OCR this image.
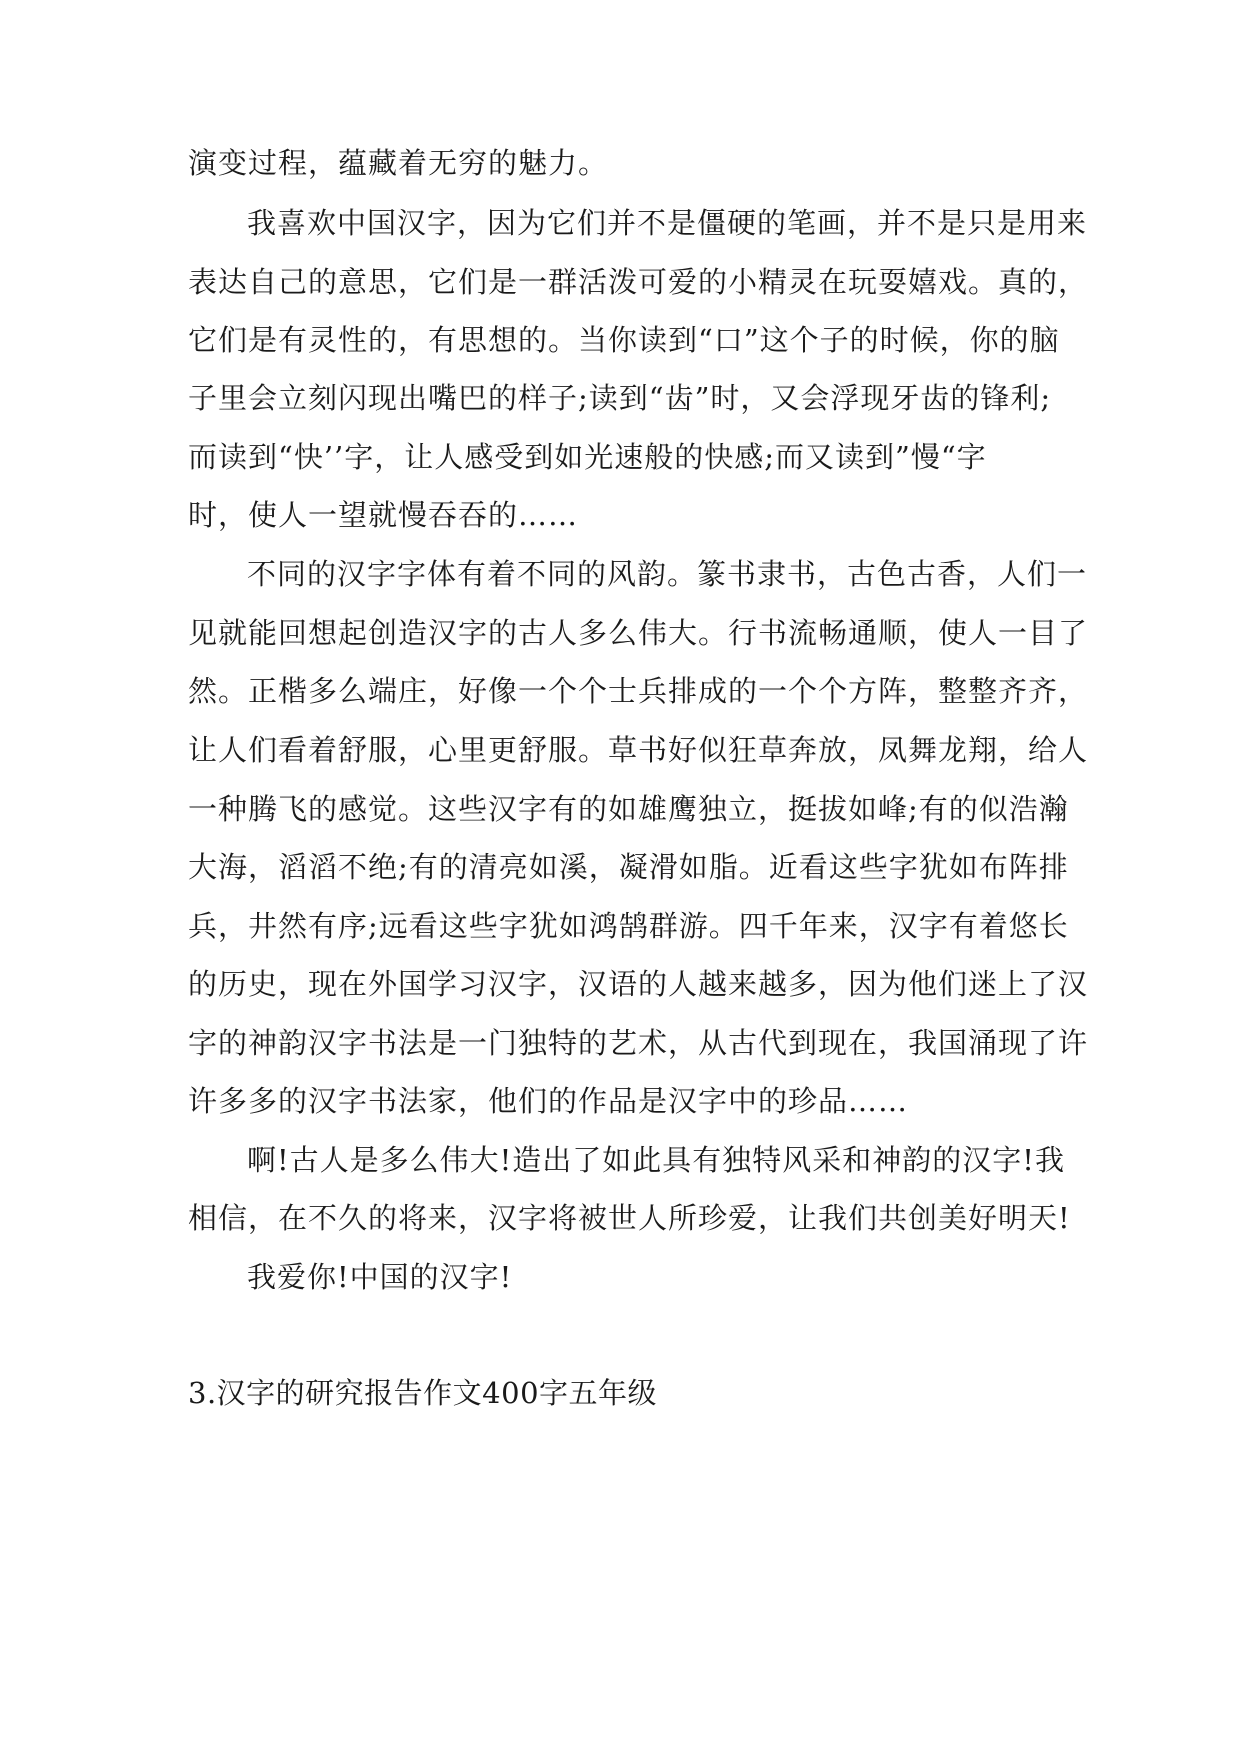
演变过程，蕴藏着无穷的魅力。
我喜欢中国汉字，因为它们并不是僵硬的笔画，并不是只是用来
表达自己的意思，它们是一群活泼可爱的小精灵在玩耍嬉戏。真的，
它们是有灵性的，有思想的。当你读到“口”这个子的时候，你的脑
子里会立刻闪现出嘴巴的样子;读到“齿”时，又会浮现牙齿的锋利;
而读到“快’’字，让人感受到如光速般的快感;而又读到”慢“字
时，使人一望就慢吞吞的……
不同的汉字字体有着不同的风韵。篆书隶书，古色古香，人们一
见就能回想起创造汉字的古人多么伟大。行书流畅通顺，使人一目了
然。正楷多么端庄，好像一个个士兵排成的一个个方阵，整整齐齐，
让人们看着舒服，心里更舒服。草书好似狂草奔放，凤舞龙翔，给人
一种腾飞的感觉。这些汉字有的如雄鹰独立，挺拔如峰;有的似浩瀚
大海，滔滔不绝;有的清亮如溪，凝滑如脂。近看这些字犹如布阵排
兵，井然有序;远看这些字犹如鸿鹄群游。四千年来，汉字有着悠长
的历史，现在外国学习汉字，汉语的人越来越多，因为他们迷上了汉
字的神韵汉字书法是一门独特的艺术，从古代到现在，我国涌现了许
许多多的汉字书法家，他们的作品是汉字中的珍品……
啊!古人是多么伟大!造出了如此具有独特风采和神韵的汉字!我
相信，在不久的将来，汉字将被世人所珍爱，让我们共创美好明天!
我爱你!中国的汉字!
3.汉字的研究报告作文400字五年级
